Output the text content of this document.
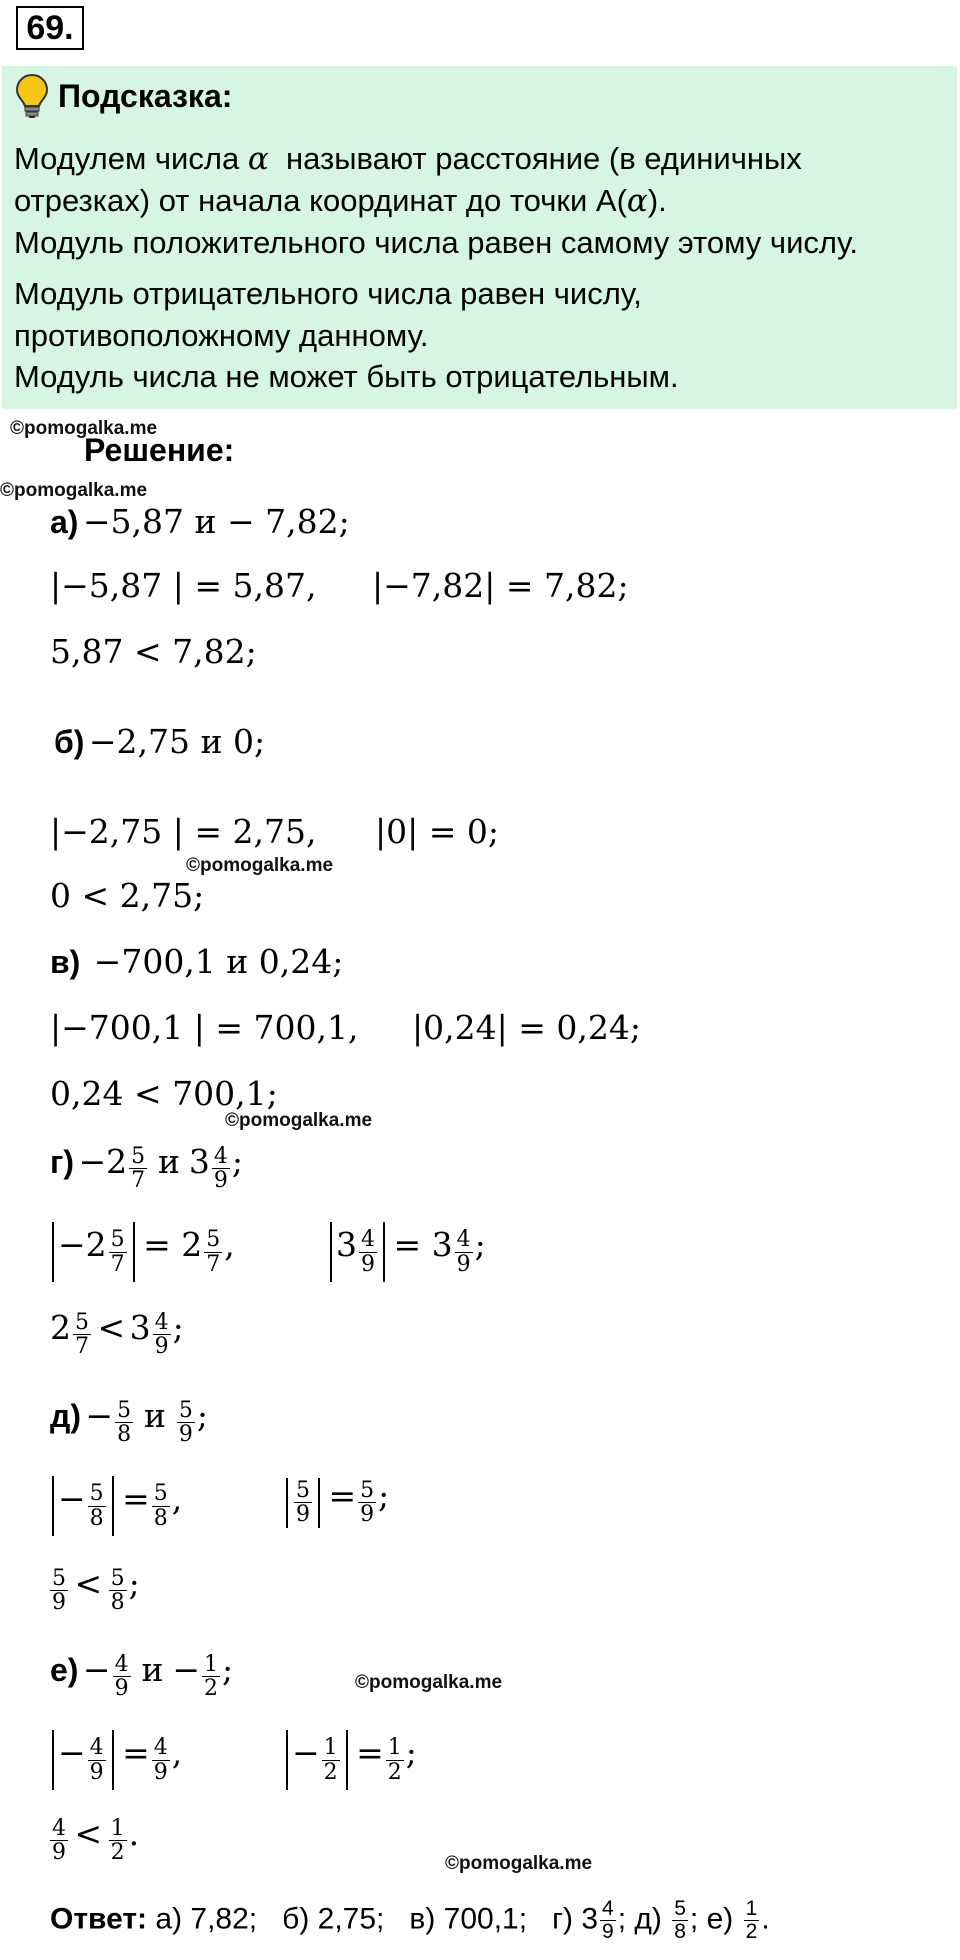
69.
Подсказка:
Модулем числа α называют расстояние (в единичных
отрезках) от начала координат до точки А(α).
Модуль положительного числа равен самому этому числу.
Модуль отрицательного числа равен числу,
противоположному данному.
Модуль числа не может быть отрицательным.
©pomogalka.me
©pomogalka.me
©pomogalka.me
©pomogalka.me
©pomogalka.me
©pomogalka.me
Решение:
а) −5,87 и − 7,82;
|−5,87 | = 5,87, |−7,82| = 7,82;
5,87 < 7,82;
б) −2,75 и 0;
|−2,75 | = 2,75, |0| = 0;
0 < 2,75;
в) −700,1 и 0,24;
|−700,1 | = 700,1, |0,24| = 0,24;
0,24 < 700,1;
$г) -2 \frac{5}{7}$ и $3 \frac{4}{9}$ ;
$-2 \frac{5}{7} = 2 \frac{5}{7}$ ,	$3 \frac{4}{9} = 3 \frac{4}{9}$ ;
$2 \frac{5}{7} < 3 \frac{4}{9}$ ;
$д) - \frac{5}{8}$ и $\frac{5}{9}$ ;
− $\frac{5}{8} = \frac{5}{8}$ ,	$\frac{5}{9} = \frac{5}{9}$ ;
$\frac{5}{9} < \frac{5}{8}$ ;
$е) - \frac{4}{9}$ $и - \frac{1}{2}$ ;
− $\frac{4}{9} = \frac{4}{9}$ ,	− $\frac{1}{2} = \frac{1}{2}$ ;
$\frac{4}{9} < \frac{1}{2}$ .
Ответ: а) 7,82; б) 2,75; в) 700,1; г) $3 \frac{4}{9}$ ; $д) \frac{5}{8}$ ; $е) \frac{1}{2}$ .
